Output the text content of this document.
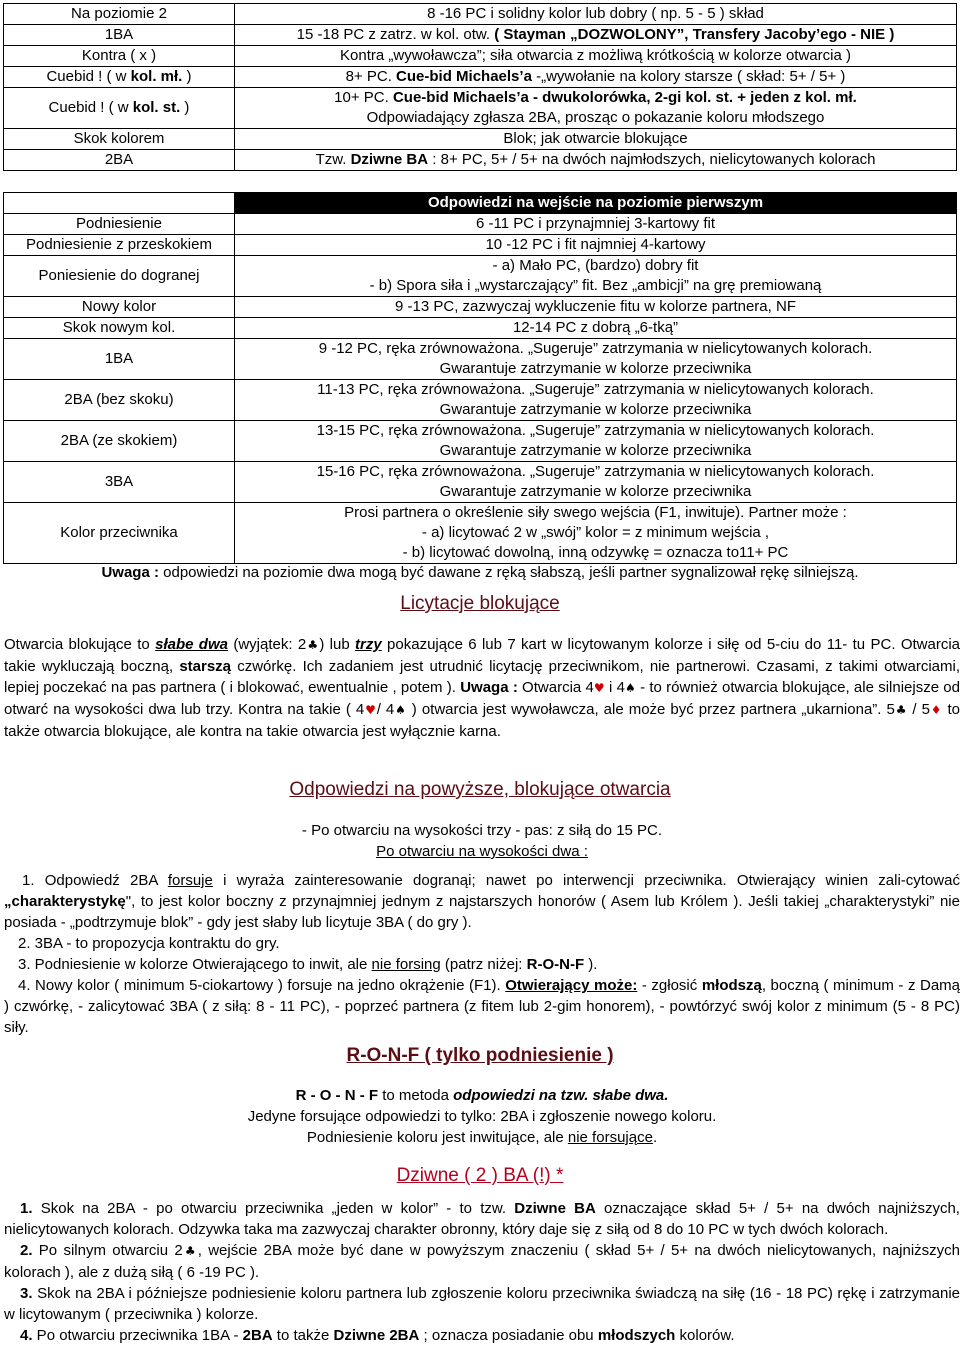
Na poziomie 2	8 -16 PC i solidny kolor lub dobry ( np. 5 - 5 ) skład
1BA	15 -18 PC z zatrz. w kol. otw. ( Stayman „DOZWOLONY”, Transfery Jacoby’ego - NIE )
Kontra ( x )	Kontra „wywoławcza”; siła otwarcia z możliwą krótkością w kolorze otwarcia )
Cuebid ! ( w kol. mł. )	8+ PC. Cue-bid Michaels’a -„wywołanie na kolory starsze ( skład: 5+ / 5+ )
Cuebid ! ( w kol. st. )	10+ PC. Cue-bid Michaels’a - dwukolorówka, 2-gi kol. st. + jeden z kol. mł.
Odpowiadający zgłasza 2BA, prosząc o pokazanie koloru młodszego
Skok kolorem	Blok; jak otwarcie blokujące
2BA	Tzw. Dziwne BA : 8+ PC, 5+ / 5+ na dwóch najmłodszych, nielicytowanych kolorach
	Odpowiedzi na wejście na poziomie pierwszym
Podniesienie	6 -11 PC i przynajmniej 3-kartowy fit
Podniesienie z przeskokiem	10 -12 PC i fit najmniej 4-kartowy
Poniesienie do dogranej	- a) Mało PC, (bardzo) dobry fit
- b) Spora siła i „wystarczający” fit. Bez „ambicji” na grę premiowaną
Nowy kolor	9 -13 PC, zazwyczaj wykluczenie fitu w kolorze partnera, NF
Skok nowym kol.	12-14 PC z dobrą „6-tką”
1BA	9 -12 PC, ręka zrównoważona. „Sugeruje” zatrzymania w nielicytowanych kolorach.
Gwarantuje zatrzymanie w kolorze przeciwnika
2BA (bez skoku)	11-13 PC, ręka zrównoważona. „Sugeruje” zatrzymania w nielicytowanych kolorach.
Gwarantuje zatrzymanie w kolorze przeciwnika
2BA (ze skokiem)	13-15 PC, ręka zrównoważona. „Sugeruje” zatrzymania w nielicytowanych kolorach.
Gwarantuje zatrzymanie w kolorze przeciwnika
3BA	15-16 PC, ręka zrównoważona. „Sugeruje” zatrzymania w nielicytowanych kolorach.
Gwarantuje zatrzymanie w kolorze przeciwnika
Kolor przeciwnika	Prosi partnera o określenie siły swego wejścia (F1, inwituje). Partner może :
- a) licytować 2 w „swój” kolor = z minimum wejścia ,
- b) licytować dowolną, inną odzywkę = oznacza to11+ PC
Uwaga : odpowiedzi na poziomie dwa mogą być dawane z ręką słabszą, jeśli partner sygnalizował rękę silniejszą.
Licytacje blokujące
Otwarcia blokujące to słabe dwa (wyjątek: 2♣) lub trzy pokazujące 6 lub 7 kart w licytowanym kolorze i siłę od 5-ciu do 11- tu PC. Otwarcia takie wykluczają boczną, starszą czwórkę. Ich zadaniem jest utrudnić licytację przeciwnikom, nie partnerowi. Czasami, z takimi otwarciami, lepiej poczekać na pas partnera ( i blokować, ewentualnie , potem ). Uwaga : Otwarcia 4♥ i 4♠ - to również otwarcia blokujące, ale silniejsze od otwarć na wysokości dwa lub trzy. Kontra na takie ( 4♥/ 4♠ ) otwarcia jest wywoławcza, ale może być przez partnera „ukarniona”. 5♣ / 5♦ to także otwarcia blokujące, ale kontra na takie otwarcia jest wyłącznie karna.
Odpowiedzi na powyższe, blokujące otwarcia
- Po otwarciu na wysokości trzy - pas: z siłą do 15 PC.
Po otwarciu na wysokości dwa :
1. Odpowiedź 2BA forsuje i wyraża zainteresowanie dogranąi; nawet po interwencji przeciwnika. Otwierający winien zali-cytować „charakterystykę", to jest kolor boczny z przynajmniej jednym z najstarszych honorów ( Asem lub Królem ). Jeśli takiej „charakterystyki” nie posiada - „podtrzymuje blok” - gdy jest słaby lub licytuje 3BA ( do gry ).
2. 3BA - to propozycja kontraktu do gry.
3. Podniesienie w kolorze Otwierającego to inwit, ale nie forsing (patrz niżej: R-O-N-F ).
4. Nowy kolor ( minimum 5-ciokartowy ) forsuje na jedno okrążenie (F1). Otwierający może: - zgłosić młodszą, boczną ( minimum - z Damą ) czwórkę, - zalicytować 3BA ( z siłą: 8 - 11 PC), - poprzeć partnera (z fitem lub 2-gim honorem), - powtórzyć swój kolor z minimum (5 - 8 PC) siły.
R-O-N-F ( tylko podniesienie )
R - O - N - F to metoda odpowiedzi na tzw. słabe dwa.
Jedyne forsujące odpowiedzi to tylko: 2BA i zgłoszenie nowego koloru.
Podniesienie koloru jest inwitujące, ale nie forsujące.
Dziwne ( 2 ) BA (!) *
1. Skok na 2BA - po otwarciu przeciwnika „jeden w kolor” - to tzw. Dziwne BA oznaczające skład 5+ / 5+ na dwóch najniższych, nielicytowanych kolorach. Odzywka taka ma zazwyczaj charakter obronny, który daje się z siłą od 8 do 10 PC w tych dwóch kolorach.
2. Po silnym otwarciu 2♣, wejście 2BA może być dane w powyższym znaczeniu ( skład 5+ / 5+ na dwóch nielicytowanych, najniższych kolorach ), ale z dużą siłą ( 6 -19 PC ).
3. Skok na 2BA i późniejsze podniesienie koloru partnera lub zgłoszenie koloru przeciwnika świadczą na siłę (16 - 18 PC) rękę i zatrzymanie w licytowanym ( przeciwnika ) kolorze.
4. Po otwarciu przeciwnika 1BA - 2BA to także Dziwne 2BA ; oznacza posiadanie obu młodszych kolorów.
